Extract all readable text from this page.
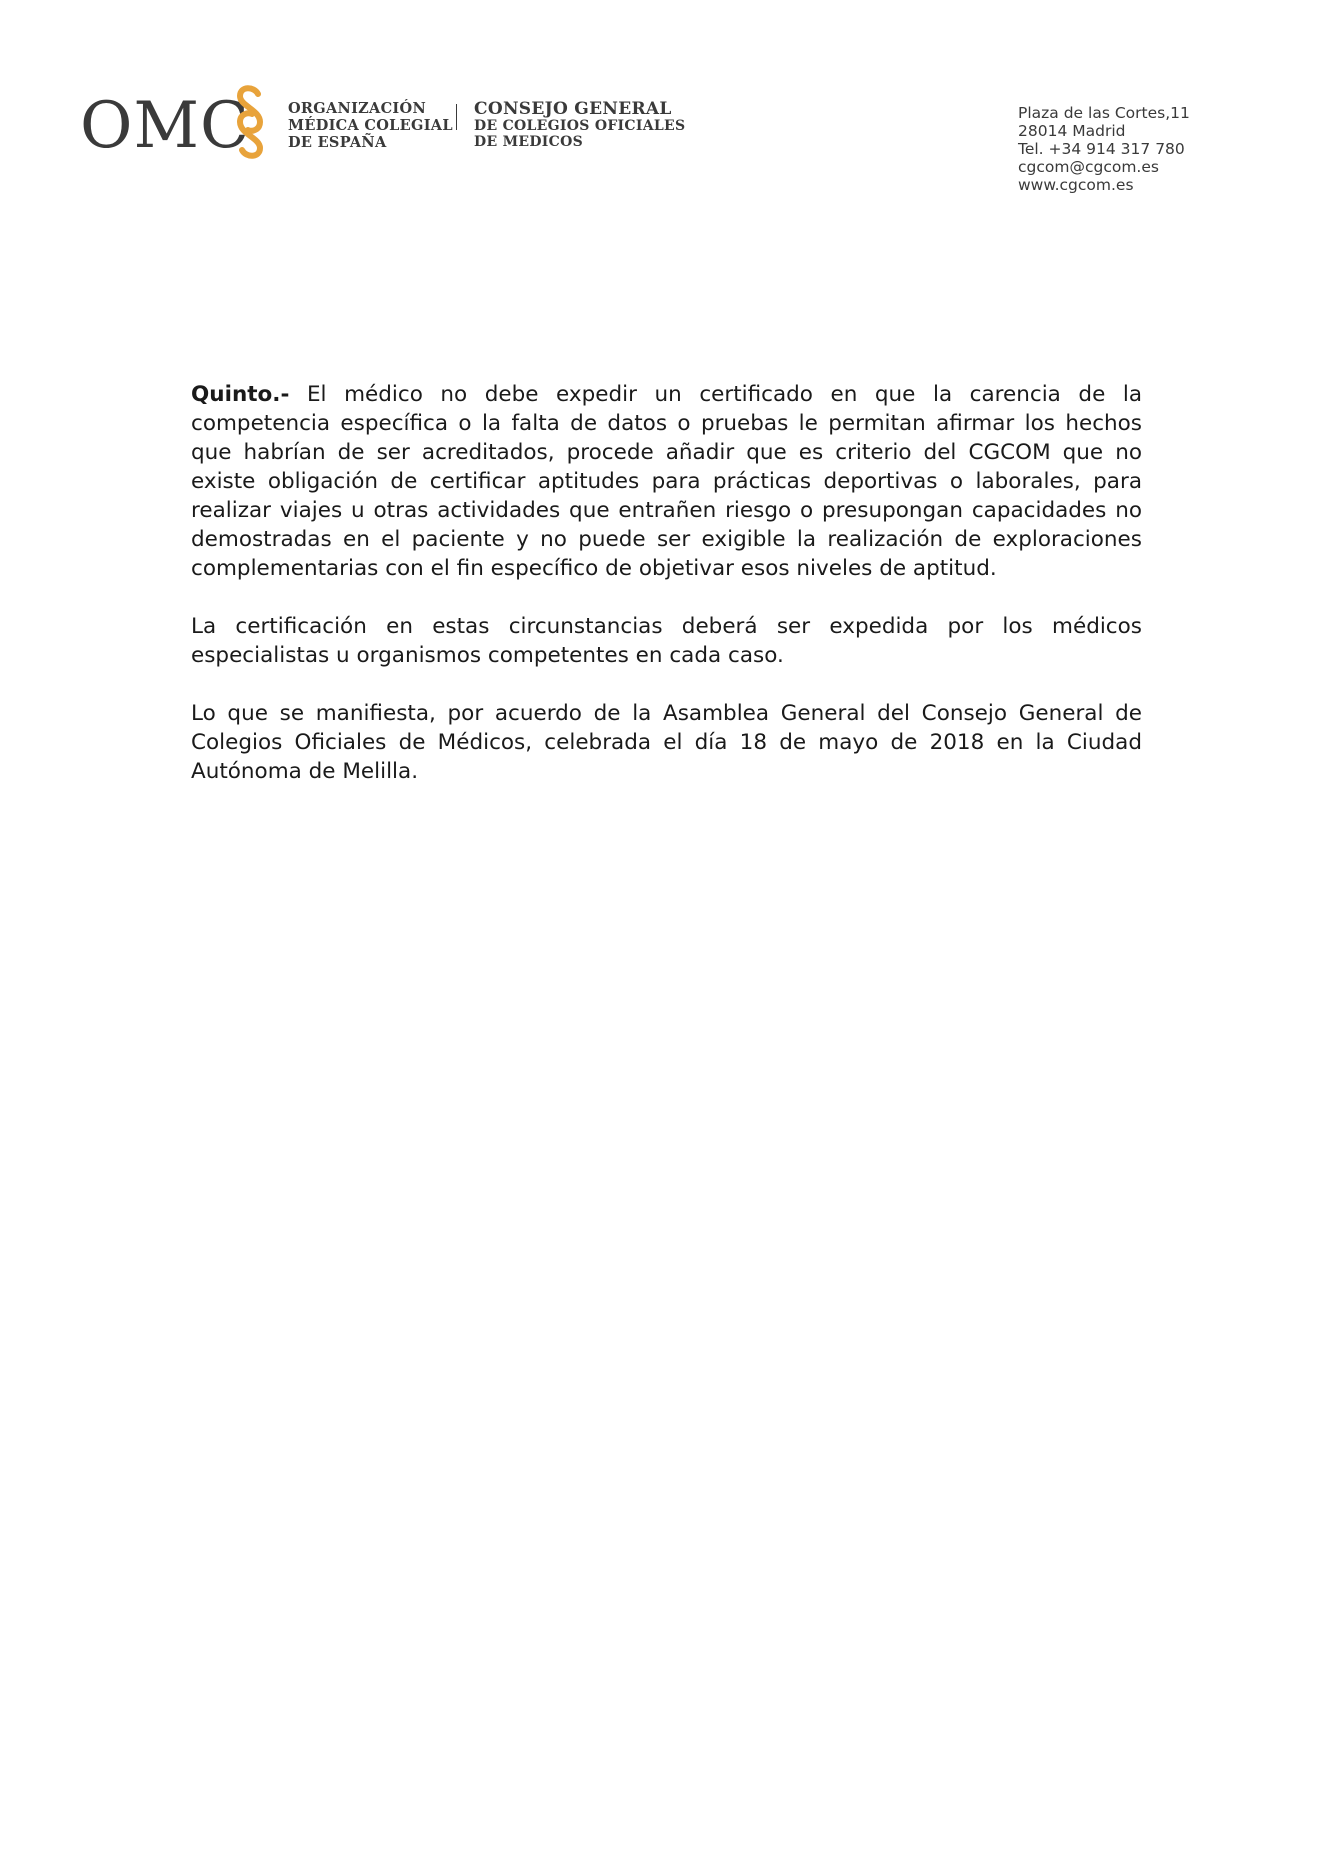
OMC	ORGANIZACIÓN
MÉDICA COLEGIAL
DE ESPAÑA
CONSEJO GENERAL
DE COLEGIOS OFICIALES
DE MEDICOS
Plaza de las Cortes,11
28014 Madrid
Tel. +34 914 317 780
cgcom@cgcom.es
www.cgcom.es

Quinto.- El médico no debe expedir un certificado en que la carencia de la competencia específica o la falta de datos o pruebas le permitan afirmar los hechos que habrían de ser acreditados, procede añadir que es criterio del CGCOM que no existe obligación de certificar aptitudes para prácticas deportivas o laborales, para realizar viajes u otras actividades que entrañen riesgo o presupongan capacidades no demostradas en el paciente y no puede ser exigible la realización de exploraciones complementarias con el fin específico de objetivar esos niveles de aptitud.

La certificación en estas circunstancias deberá ser expedida por los médicos especialistas u organismos competentes en cada caso.

Lo que se manifiesta, por acuerdo de la Asamblea General del Consejo General de Colegios Oficiales de Médicos, celebrada el día 18 de mayo de 2018 en la Ciudad Autónoma de Melilla.
